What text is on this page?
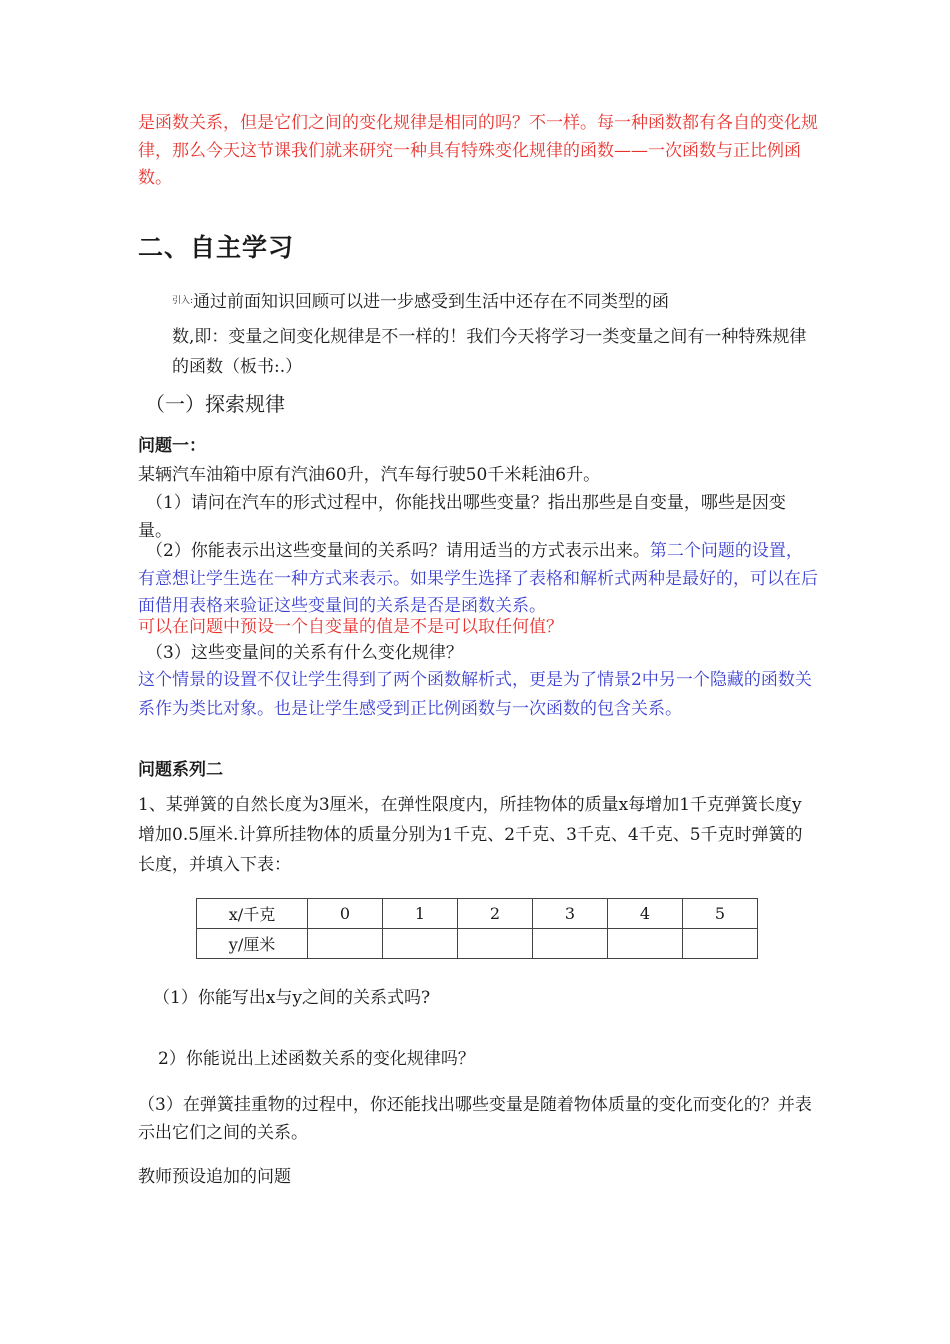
是函数关系，但是它们之间的变化规律是相同的吗？不一样。每一种函数都有各自的变化规律，那么今天这节课我们就来研究一种具有特殊变化规律的函数——一次函数与正比例函数。

二、自主学习

$^{引入:}$通过前面知识回顾可以进一步感受到生活中还存在不同类型的函

数,即：变量之间变化规律是不一样的！我们今天将学习一类变量之间有一种特殊规律的函数（板书:.）

（一）探索规律

问题一：

某辆汽车油箱中原有汽油60升，汽车每行驶50千米耗油6升。

（1）请问在汽车的形式过程中，你能找出哪些变量？指出那些是自变量，哪些是因变量。

（2）你能表示出这些变量间的关系吗？请用适当的方式表示出来。第二个问题的设置，有意想让学生选在一种方式来表示。如果学生选择了表格和解析式两种是最好的，可以在后面借用表格来验证这些变量间的关系是否是函数关系。

可以在问题中预设一个自变量的值是不是可以取任何值？

（3）这些变量间的关系有什么变化规律？

这个情景的设置不仅让学生得到了两个函数解析式，更是为了情景2中另一个隐藏的函数关系作为类比对象。也是让学生感受到正比例函数与一次函数的包含关系。

问题系列二

1、某弹簧的自然长度为3厘米，在弹性限度内，所挂物体的质量x每增加1千克弹簧长度y增加0.5厘米.计算所挂物体的质量分别为1千克、2千克、3千克、4千克、5千克时弹簧的长度，并填入下表：

x/千克	0	1	2	3	4	5
y/厘米						

（1）你能写出x与y之间的关系式吗?

2）你能说出上述函数关系的变化规律吗？

（3）在弹簧挂重物的过程中，你还能找出哪些变量是随着物体质量的变化而变化的？并表示出它们之间的关系。

教师预设追加的问题
